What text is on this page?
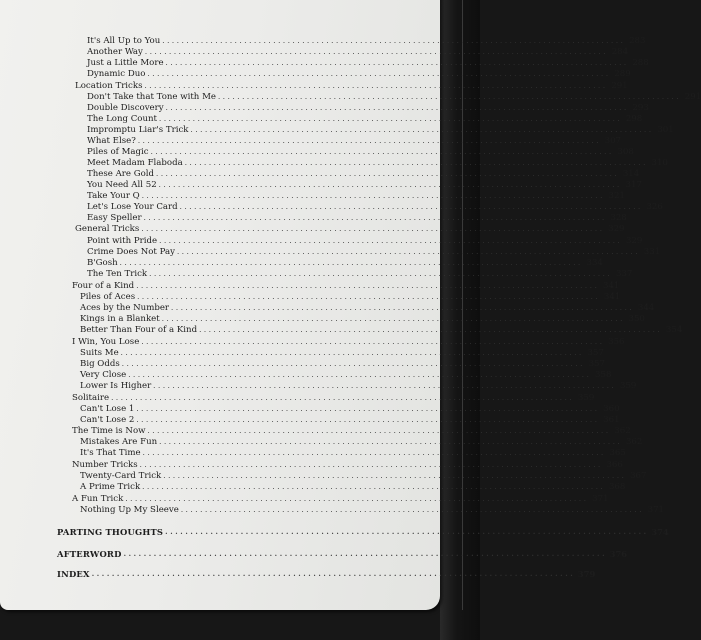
It's All Up to You ................................................................................................ 283
Another Way ................................................................................................ 284
Just a Little More ................................................................................................ 288
Dynamic Duo ................................................................................................ 289
Location Tricks ................................................................................................ 291
Don't Take that Tone with Me ................................................................................................ 291
Double Discovery ................................................................................................ 293
The Long Count ................................................................................................ 298
Impromptu Liar's Trick ................................................................................................ 301
What Else? ................................................................................................ 307
Piles of Magic ................................................................................................ 308
Meet Madam Flaboda ................................................................................................ 310
These Are Gold ................................................................................................ 314
You Need All 52 ................................................................................................ 317
Take Your Q ................................................................................................ 321
Let's Lose Your Card ................................................................................................ 326
Easy Speller ................................................................................................ 328
General Tricks ................................................................................................ 329
Point with Pride ................................................................................................ 329
Crime Does Not Pay ................................................................................................ 331
B'Gosh ................................................................................................ 334
The Ten Trick ................................................................................................ 337
Four of a Kind ................................................................................................ 341
Piles of Aces ................................................................................................ 341
Aces by the Number ................................................................................................ 344
Kings in a Blanket ................................................................................................ 350
Better Than Four of a Kind ................................................................................................ 354
I Win, You Lose ................................................................................................ 356
Suits Me ................................................................................................ 357
Big Odds ................................................................................................ 357
Very Close ................................................................................................ 358
Lower Is Higher ................................................................................................ 359
Solitaire ................................................................................................ 359
Can't Lose 1 ................................................................................................ 360
Can't Lose 2 ................................................................................................ 361
The Time is Now ................................................................................................ 362
Mistakes Are Fun ................................................................................................ 362
It's That Time ................................................................................................ 365
Number Tricks ................................................................................................ 366
Twenty-Card Trick ................................................................................................ 367
A Prime Trick ................................................................................................ 368
A Fun Trick ................................................................................................ 371
Nothing Up My Sleeve ................................................................................................ 371
PARTING THOUGHTS ................................................................................................ 374
AFTERWORD ................................................................................................ 376
INDEX ................................................................................................ 379
